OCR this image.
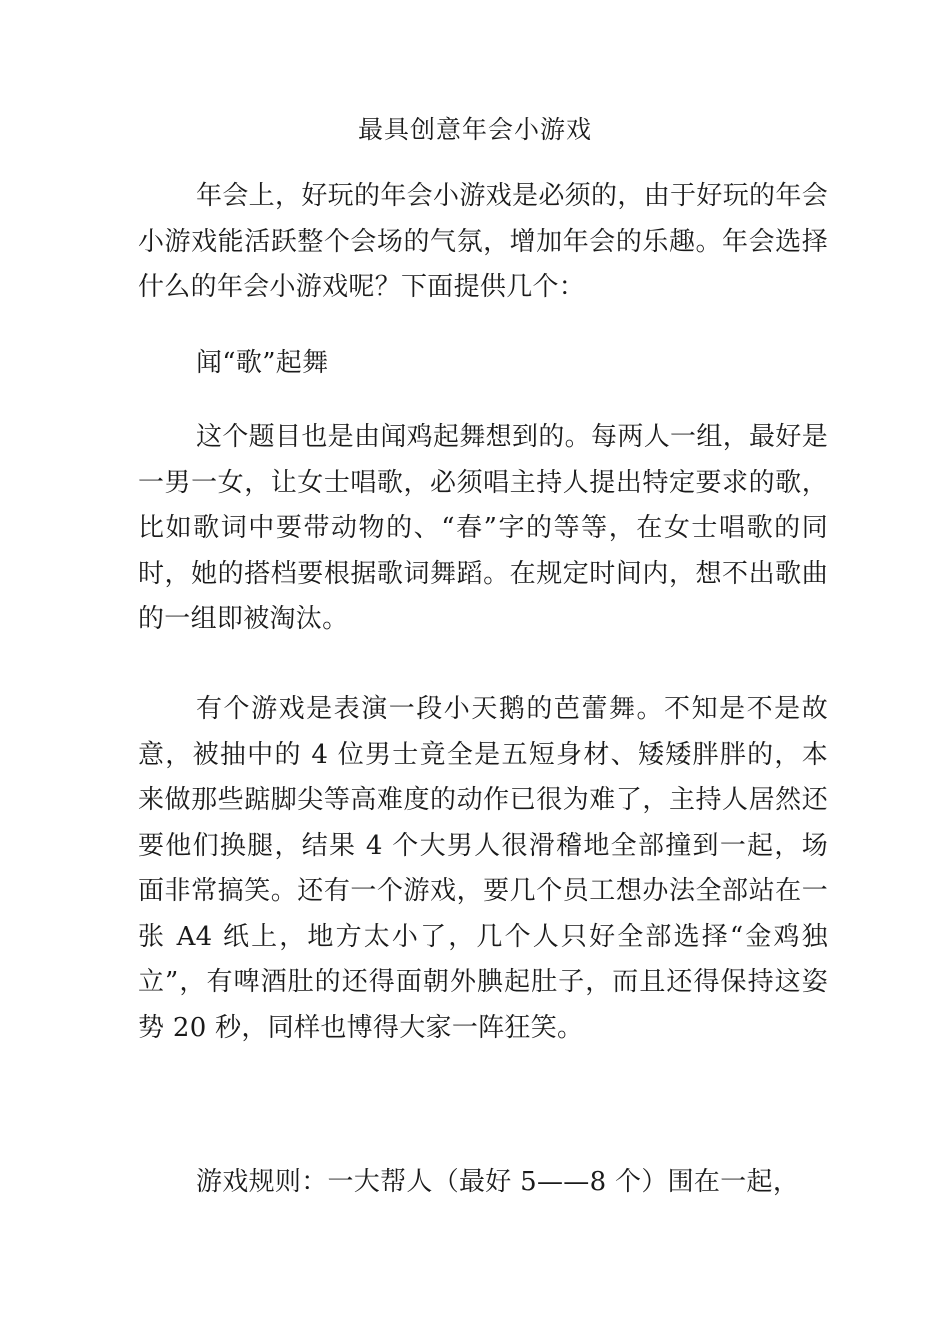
最具创意年会小游戏

年会上，好玩的年会小游戏是必须的，由于好玩的年会小游戏能活跃整个会场的气氛，增加年会的乐趣。年会选择什么的年会小游戏呢？下面提供几个：

闻“歌”起舞

这个题目也是由闻鸡起舞想到的。每两人一组，最好是一男一女，让女士唱歌，必须唱主持人提出特定要求的歌，比如歌词中要带动物的、“春”字的等等，在女士唱歌的同时，她的搭档要根据歌词舞蹈。在规定时间内，想不出歌曲的一组即被淘汰。

有个游戏是表演一段小天鹅的芭蕾舞。不知是不是故意，被抽中的 4 位男士竟全是五短身材、矮矮胖胖的，本来做那些踮脚尖等高难度的动作已很为难了，主持人居然还要他们换腿，结果 4 个大男人很滑稽地全部撞到一起，场面非常搞笑。还有一个游戏，要几个员工想办法全部站在一张 A4 纸上，地方太小了，几个人只好全部选择“金鸡独立”，有啤酒肚的还得面朝外腆起肚子，而且还得保持这姿势 20 秒，同样也博得大家一阵狂笑。

游戏规则：一大帮人（最好 5——8 个）围在一起，
